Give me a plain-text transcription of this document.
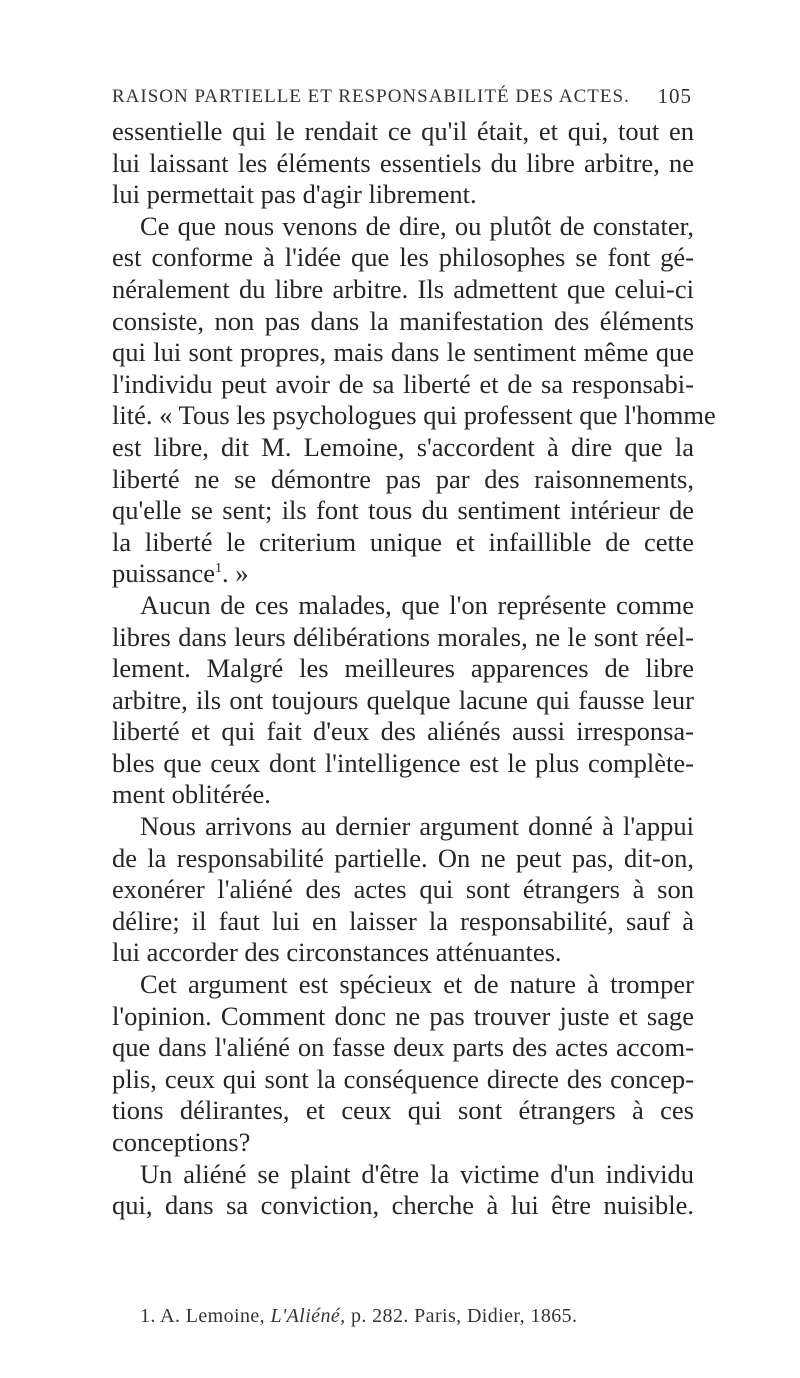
RAISON PARTIELLE ET RESPONSABILITÉ DES ACTES. 105
essentielle qui le rendait ce qu'il était, et qui, tout en
lui laissant les éléments essentiels du libre arbitre, ne
lui permettait pas d'agir librement.
Ce que nous venons de dire, ou plutôt de constater,
est conforme à l'idée que les philosophes se font gé-
néralement du libre arbitre. Ils admettent que celui-ci
consiste, non pas dans la manifestation des éléments
qui lui sont propres, mais dans le sentiment même que
l'individu peut avoir de sa liberté et de sa responsabi-
lité. « Tous les psychologues qui professent que l'homme
est libre, dit M. Lemoine, s'accordent à dire que la
liberté ne se démontre pas par des raisonnements,
qu'elle se sent; ils font tous du sentiment intérieur de
la liberté le criterium unique et infaillible de cette
puissance$^1$. »
Aucun de ces malades, que l'on représente comme
libres dans leurs délibérations morales, ne le sont réel-
lement. Malgré les meilleures apparences de libre
arbitre, ils ont toujours quelque lacune qui fausse leur
liberté et qui fait d'eux des aliénés aussi irresponsa-
bles que ceux dont l'intelligence est le plus complète-
ment oblitérée.
Nous arrivons au dernier argument donné à l'appui
de la responsabilité partielle. On ne peut pas, dit-on,
exonérer l'aliéné des actes qui sont étrangers à son
délire; il faut lui en laisser la responsabilité, sauf à
lui accorder des circonstances atténuantes.
Cet argument est spécieux et de nature à tromper
l'opinion. Comment donc ne pas trouver juste et sage
que dans l'aliéné on fasse deux parts des actes accom-
plis, ceux qui sont la conséquence directe des concep-
tions délirantes, et ceux qui sont étrangers à ces
conceptions?
Un aliéné se plaint d'être la victime d'un individu
qui, dans sa conviction, cherche à lui être nuisible.
1. A. Lemoine, L'Aliéné, p. 282. Paris, Didier, 1865.
